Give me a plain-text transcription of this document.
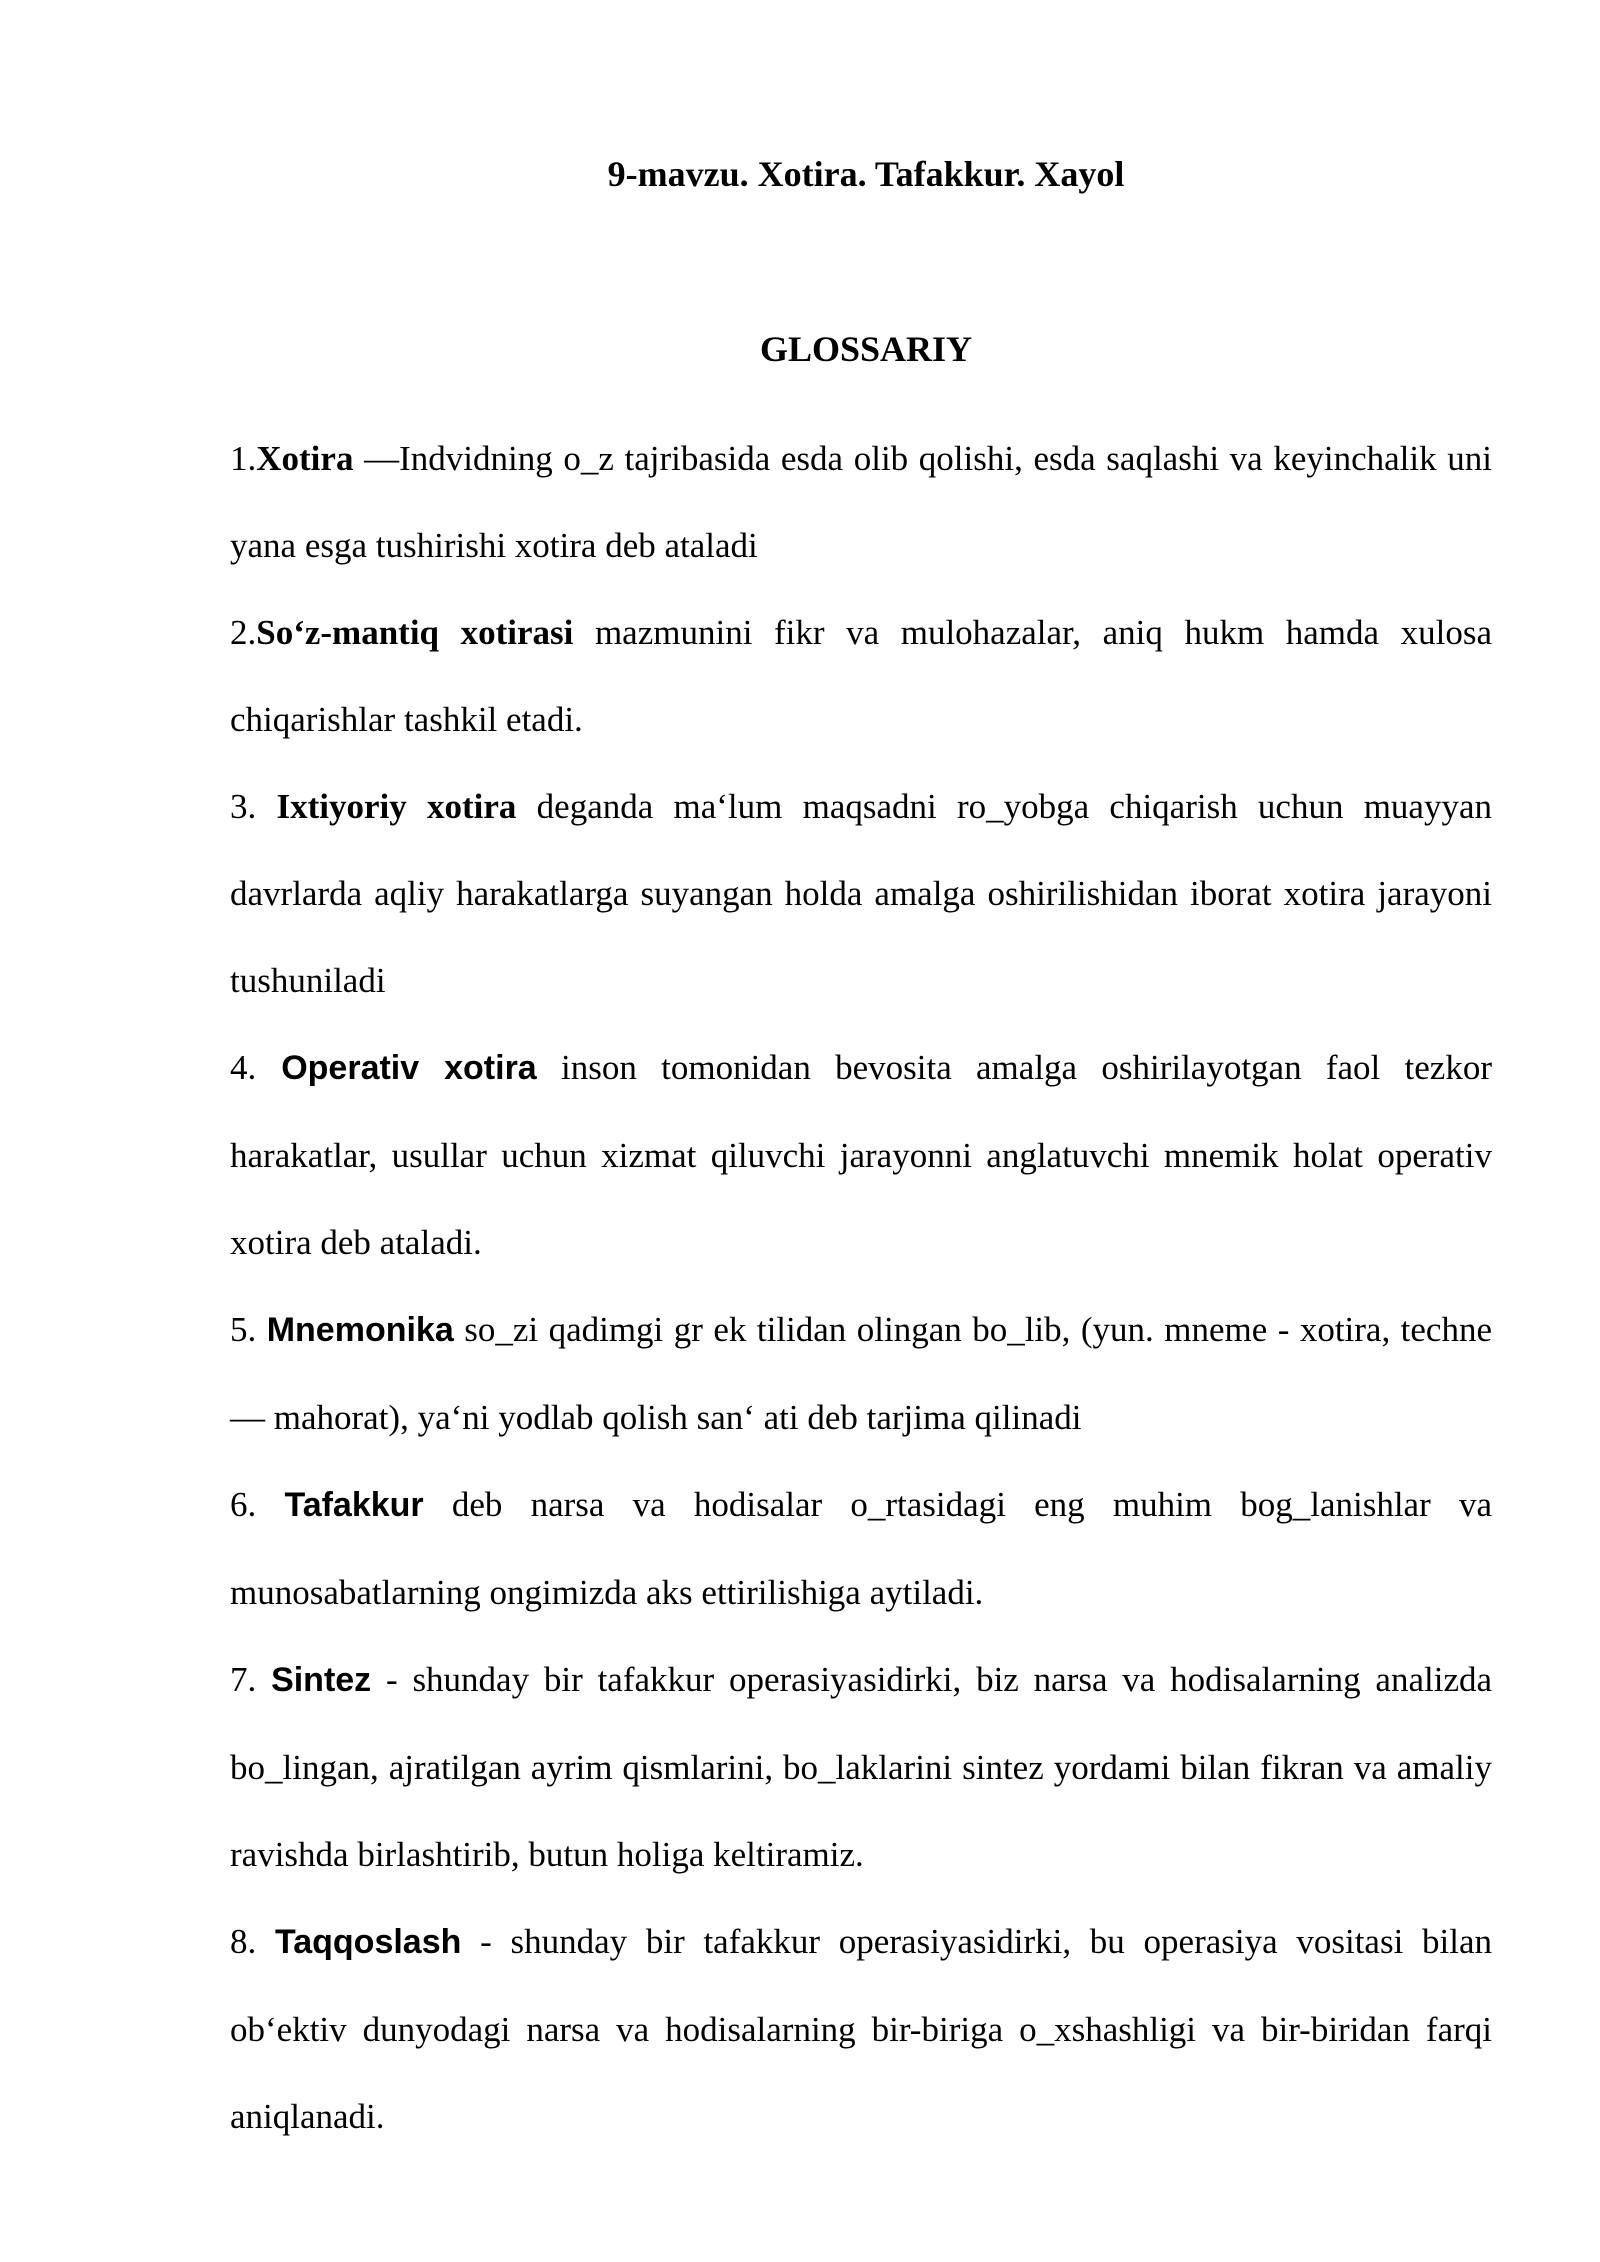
9-mavzu. Xotira. Tafakkur. Xayol
GLOSSARIY
1.Xotira —Indvidning o_z tajribasida esda olib qolishi, esda saqlashi va keyinchalik uni yana esga tushirishi xotira deb ataladi
2.So‘z-mantiq xotirasi mazmunini fikr va mulohazalar, aniq hukm hamda xulosa chiqarishlar tashkil etadi.
3. Ixtiyoriy xotira deganda ma‘lum maqsadni ro_yobga chiqarish uchun muayyan davrlarda aqliy harakatlarga suyangan holda amalga oshirilishidan iborat xotira jarayoni tushuniladi
4. Operativ xotira inson tomonidan bevosita amalga oshirilayotgan faol tezkor harakatlar, usullar uchun xizmat qiluvchi jarayonni anglatuvchi mnemik holat operativ xotira deb ataladi.
5. Mnemonika so_zi qadimgi gr ek tilidan olingan bo_lib, (yun. mneme - xotira, techne — mahorat), ya‘ni yodlab qolish san‘ ati deb tarjima qilinadi
6. Tafakkur deb narsa va hodisalar o_rtasidagi eng muhim bog_lanishlar va munosabatlarning ongimizda aks ettirilishiga aytiladi.
7. Sintez - shunday bir tafakkur operasiyasidirki, biz narsa va hodisalarning analizda bo_lingan, ajratilgan ayrim qismlarini, bo_laklarini sintez yordami bilan fikran va amaliy ravishda birlashtirib, butun holiga keltiramiz.
8. Taqqoslash - shunday bir tafakkur operasiyasidirki, bu operasiya vositasi bilan ob‘ektiv dunyodagi narsa va hodisalarning bir-biriga o_xshashligi va bir-biridan farqi aniqlanadi.
